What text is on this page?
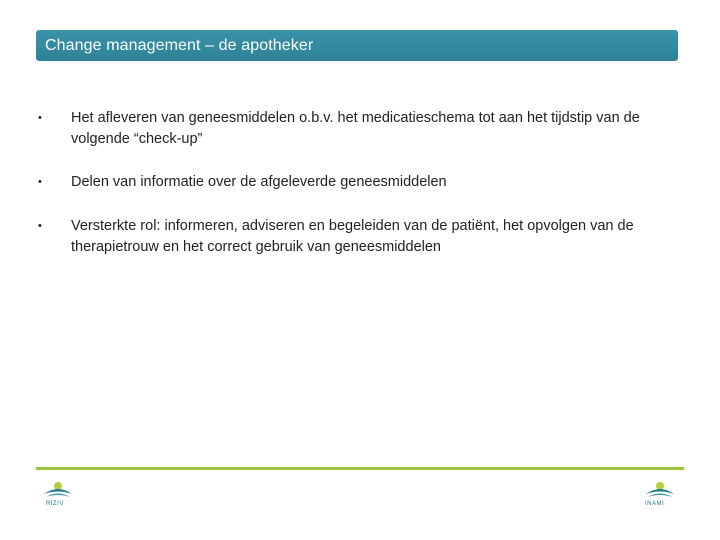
Change management – de apotheker
• Het afleveren van geneesmiddelen o.b.v. het medicatieschema tot aan het tijdstip van de volgende “check-up”
• Delen van informatie over de afgeleverde geneesmiddelen
• Versterkte rol: informeren, adviseren en begeleiden van de patiënt, het opvolgen van de therapietrouw en het correct gebruik van geneesmiddelen
RIZIV	INAMI
